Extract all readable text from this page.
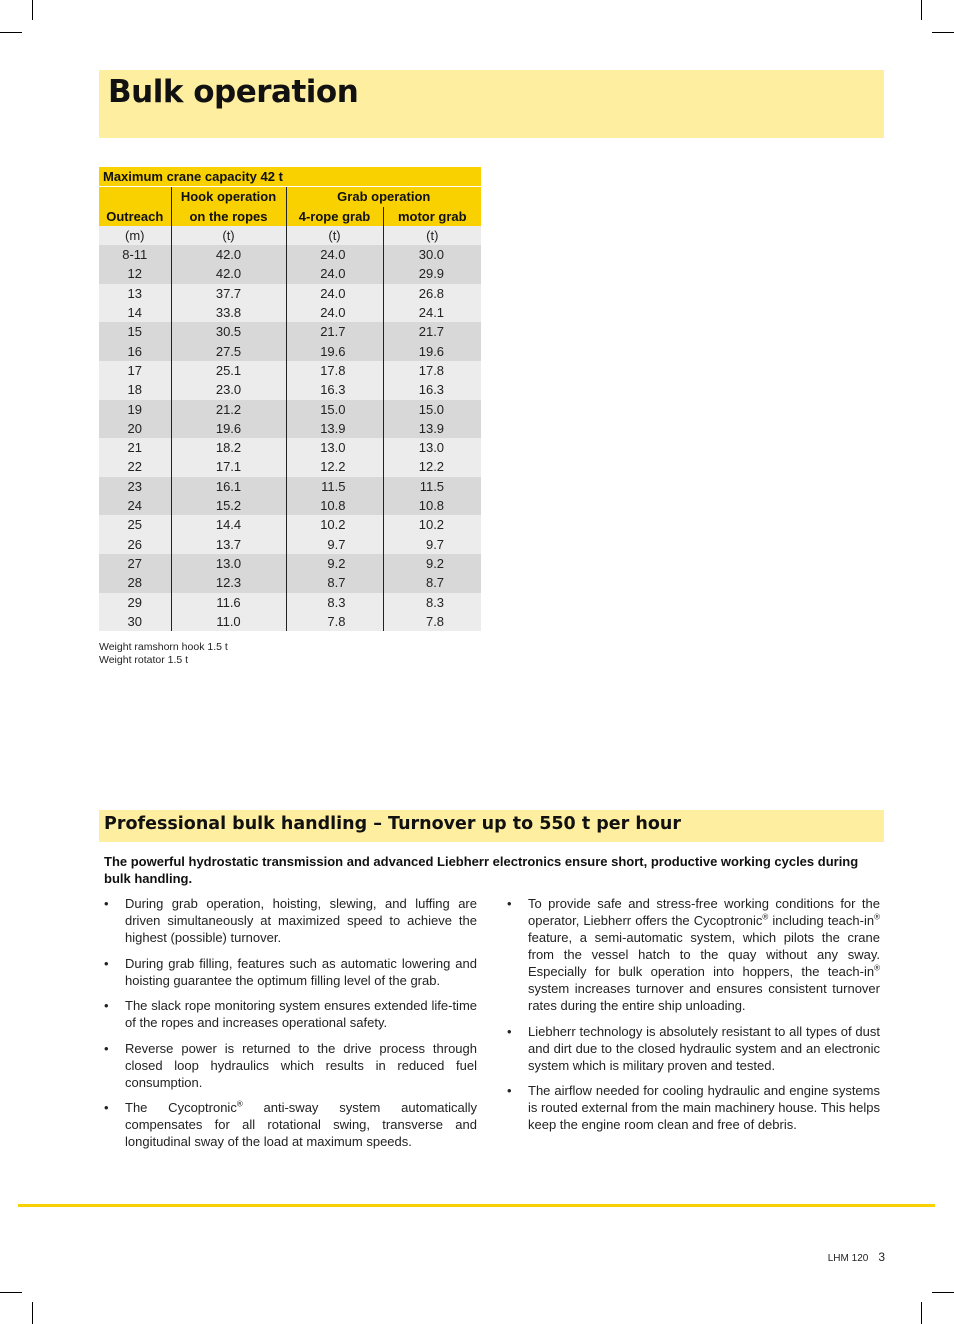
Bulk operation
Maximum crane capacity 42 t			
	Hook operation	Grab operation	
Outreach	on the ropes	4-rope grab	motor grab
(m)	(t)	(t)	(t)
8-11	42.0	24.0	30.0
12	42.0	24.0	29.9
13	37.7	24.0	26.8
14	33.8	24.0	24.1
15	30.5	21.7	21.7
16	27.5	19.6	19.6
17	25.1	17.8	17.8
18	23.0	16.3	16.3
19	21.2	15.0	15.0
20	19.6	13.9	13.9
21	18.2	13.0	13.0
22	17.1	12.2	12.2
23	16.1	11.5	11.5
24	15.2	10.8	10.8
25	14.4	10.2	10.2
26	13.7	9.7	9.7
27	13.0	9.2	9.2
28	12.3	8.7	8.7
29	11.6	8.3	8.3
30	11.0	7.8	7.8
Weight ramshorn hook 1.5 t
Weight rotator 1.5 t
Professional bulk handling – Turnover up to 550 t per hour
The powerful hydrostatic transmission and advanced Liebherr electronics ensure short, productive working cycles during bulk handling.
• During grab operation, hoisting, slewing, and luffing are driven simultaneously at maximized speed to achieve the highest (possible) turnover.
• During grab filling, features such as automatic lowering and hoisting guarantee the optimum filling level of the grab.
• The slack rope monitoring system ensures extended life-time of the ropes and increases operational safety.
• Reverse power is returned to the drive process through closed loop hydraulics which results in reduced fuel consumption.
• The Cycoptronic® anti-sway system automatically compensates for all rotational swing, transverse and longitudinal sway of the load at maximum speeds.
• To provide safe and stress-free working conditions for the operator, Liebherr offers the Cycoptronic® including teach-in® feature, a semi-automatic system, which pilots the crane from the vessel hatch to the quay without any sway. Especially for bulk operation into hoppers, the teach-in® system increases turnover and ensures consistent turnover rates during the entire ship unloading.
• Liebherr technology is absolutely resistant to all types of dust and dirt due to the closed hydraulic system and an electronic system which is military proven and tested.
• The airflow needed for cooling hydraulic and engine systems is routed external from the main machinery house. This helps keep the engine room clean and free of debris.
LHM 120 3
